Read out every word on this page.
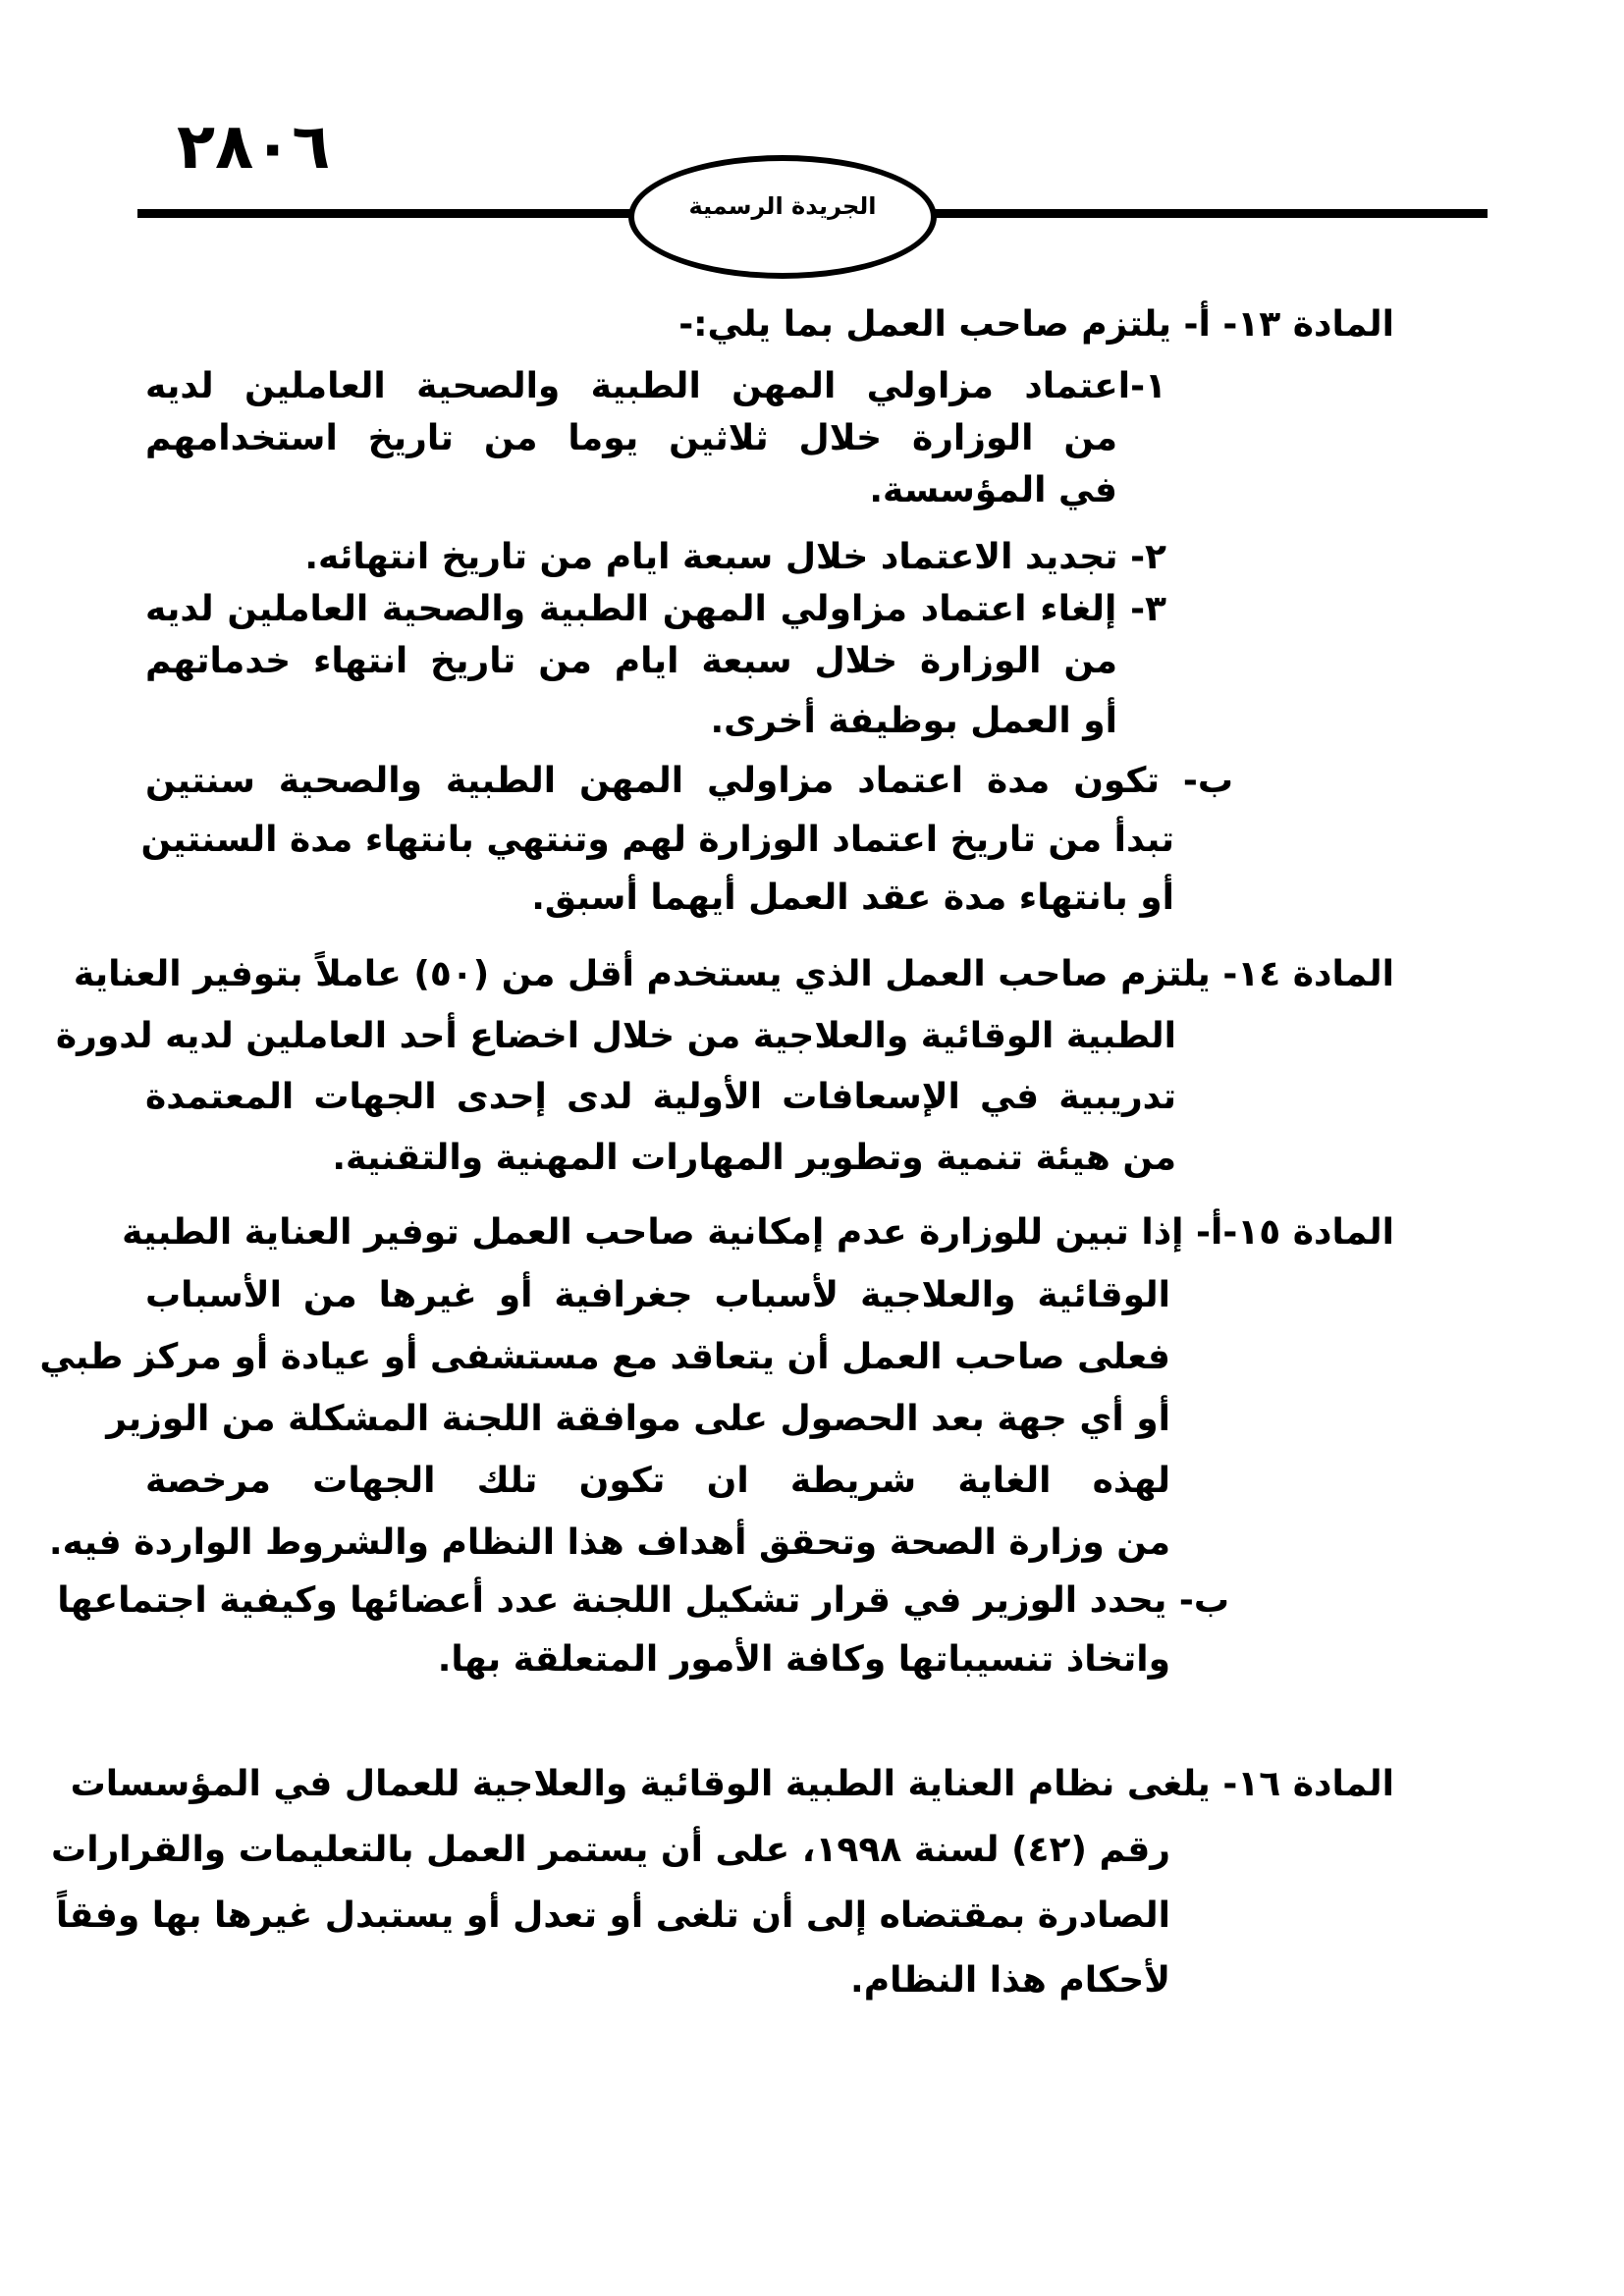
٢٨٠٦
الجريدة الرسمية
المادة ١٣- أ- يلتزم صاحب العمل بما يلي:-
١-اعتماد مزاولي المهن الطبية والصحية العاملين لديه
من الوزارة خلال ثلاثين يوما من تاريخ استخدامهم
في المؤسسة.
٢- تجديد الاعتماد خلال سبعة ايام من تاريخ انتهائه.
٣- إلغاء اعتماد مزاولي المهن الطبية والصحية العاملين لديه
من الوزارة خلال سبعة ايام من تاريخ انتهاء خدماتهم
أو العمل بوظيفة أخرى.
ب- تكون مدة اعتماد مزاولي المهن الطبية والصحية سنتين
تبدأ من تاريخ اعتماد الوزارة لهم وتنتهي بانتهاء مدة السنتين
أو بانتهاء مدة عقد العمل أيهما أسبق.
المادة ١٤- يلتزم صاحب العمل الذي يستخدم أقل من (٥٠) عاملاً بتوفير العناية
الطبية الوقائية والعلاجية من خلال اخضاع أحد العاملين لديه لدورة
تدريبية في الإسعافات الأولية لدى إحدى الجهات المعتمدة
من هيئة تنمية وتطوير المهارات المهنية والتقنية.
المادة ١٥-أ- إذا تبين للوزارة عدم إمكانية صاحب العمل توفير العناية الطبية
الوقائية والعلاجية لأسباب جغرافية أو غيرها من الأسباب
فعلى صاحب العمل أن يتعاقد مع مستشفى أو عيادة أو مركز طبي
أو أي جهة بعد الحصول على موافقة اللجنة المشكلة من الوزير
لهذه الغاية شريطة ان تكون تلك الجهات مرخصة
من وزارة الصحة وتحقق أهداف هذا النظام والشروط الواردة فيه.
ب- يحدد الوزير في قرار تشكيل اللجنة عدد أعضائها وكيفية اجتماعها
واتخاذ تنسيباتها وكافة الأمور المتعلقة بها.
المادة ١٦- يلغى نظام العناية الطبية الوقائية والعلاجية للعمال في المؤسسات
رقم (٤٢) لسنة ١٩٩٨، على أن يستمر العمل بالتعليمات والقرارات
الصادرة بمقتضاه إلى أن تلغى أو تعدل أو يستبدل غيرها بها وفقاً
لأحكام هذا النظام.
